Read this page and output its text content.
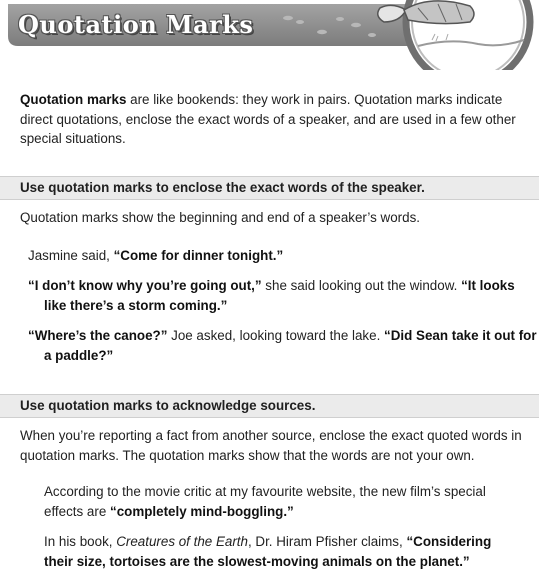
Quotation Marks

Quotation marks are like bookends: they work in pairs. Quotation marks indicate direct quotations, enclose the exact words of a speaker, and are used in a few other special situations.

Use quotation marks to enclose the exact words of the speaker.

Quotation marks show the beginning and end of a speaker’s words.

Jasmine said, “Come for dinner tonight.”

“I don’t know why you’re going out,” she said looking out the window. “It looks like there’s a storm coming.”

“Where’s the canoe?” Joe asked, looking toward the lake. “Did Sean take it out for a paddle?”

Use quotation marks to acknowledge sources.

When you’re reporting a fact from another source, enclose the exact quoted words in quotation marks. The quotation marks show that the words are not your own.

According to the movie critic at my favourite website, the new film’s special effects are “completely mind-boggling.”

In his book, Creatures of the Earth, Dr. Hiram Pfisher claims, “Considering their size, tortoises are the slowest-moving animals on the planet.”
